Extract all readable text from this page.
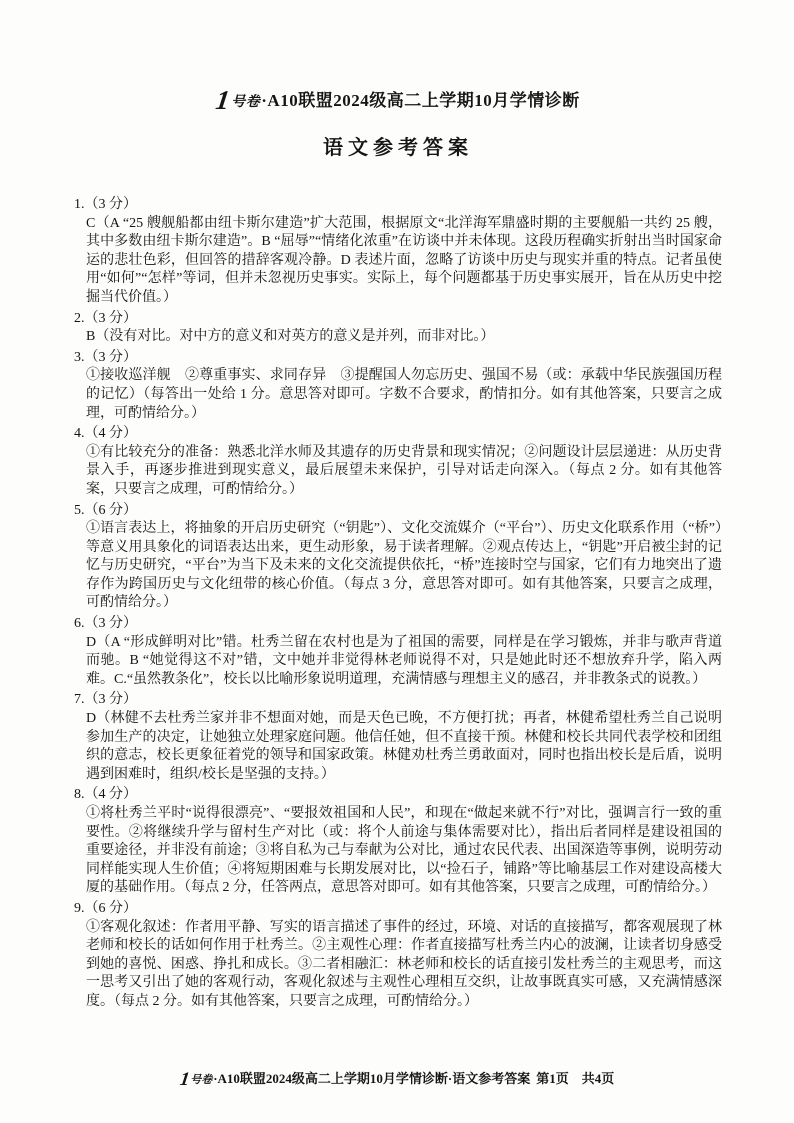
1号卷·A10联盟2024级高二上学期10月学情诊断
语文参考答案
1.（3 分）
C（A “25 艘舰船都由纽卡斯尔建造”扩大范围，根据原文“北洋海军鼎盛时期的主要舰船一共约 25 艘，其中多数由纽卡斯尔建造”。B “屈辱”“情绪化浓重”在访谈中并未体现。这段历程确实折射出当时国家命运的悲壮色彩，但回答的措辞客观冷静。D 表述片面，忽略了访谈中历史与现实并重的特点。记者虽使用“如何”“怎样”等词，但并未忽视历史事实。实际上，每个问题都基于历史事实展开，旨在从历史中挖掘当代价值。）
2.（3 分）
B（没有对比。对中方的意义和对英方的意义是并列，而非对比。）
3.（3 分）
①接收巡洋舰　②尊重事实、求同存异　③提醒国人勿忘历史、强国不易（或：承载中华民族强国历程的记忆）（每答出一处给 1 分。意思答对即可。字数不合要求，酌情扣分。如有其他答案，只要言之成理，可酌情给分。）
4.（4 分）
①有比较充分的准备：熟悉北洋水师及其遗存的历史背景和现实情况；②问题设计层层递进：从历史背景入手，再逐步推进到现实意义，最后展望未来保护，引导对话走向深入。（每点 2 分。如有其他答案，只要言之成理，可酌情给分。）
5.（6 分）
①语言表达上，将抽象的开启历史研究（“钥匙”）、文化交流媒介（“平台”）、历史文化联系作用（“桥”）等意义用具象化的词语表达出来，更生动形象，易于读者理解。②观点传达上，“钥匙”开启被尘封的记忆与历史研究，“平台”为当下及未来的文化交流提供依托，“桥”连接时空与国家，它们有力地突出了遗存作为跨国历史与文化纽带的核心价值。（每点 3 分，意思答对即可。如有其他答案，只要言之成理，可酌情给分。）
6.（3 分）
D（A “形成鲜明对比”错。杜秀兰留在农村也是为了祖国的需要，同样是在学习锻炼，并非与歌声背道而驰。B “她觉得这不对”错，文中她并非觉得林老师说得不对，只是她此时还不想放弃升学，陷入两难。C.“虽然教条化”，校长以比喻形象说明道理，充满情感与理想主义的感召，并非教条式的说教。）
7.（3 分）
D（林健不去杜秀兰家并非不想面对她，而是天色已晚，不方便打扰；再者，林健希望杜秀兰自己说明参加生产的决定，让她独立处理家庭问题。他信任她，但不直接干预。林健和校长共同代表学校和团组织的意志，校长更象征着党的领导和国家政策。林健劝杜秀兰勇敢面对，同时也指出校长是后盾，说明遇到困难时，组织/校长是坚强的支持。）
8.（4 分）
①将杜秀兰平时“说得很漂亮”、“要报效祖国和人民”，和现在“做起来就不行”对比，强调言行一致的重要性。②将继续升学与留村生产对比（或：将个人前途与集体需要对比），指出后者同样是建设祖国的重要途径，并非没有前途；③将自私为己与奉献为公对比，通过农民代表、出国深造等事例，说明劳动同样能实现人生价值；④将短期困难与长期发展对比，以“捡石子，铺路”等比喻基层工作对建设高楼大厦的基础作用。（每点 2 分，任答两点，意思答对即可。如有其他答案，只要言之成理，可酌情给分。）
9.（6 分）
①客观化叙述：作者用平静、写实的语言描述了事件的经过，环境、对话的直接描写，都客观展现了林老师和校长的话如何作用于杜秀兰。②主观性心理：作者直接描写杜秀兰内心的波澜，让读者切身感受到她的喜悦、困惑、挣扎和成长。③二者相融汇：林老师和校长的话直接引发杜秀兰的主观思考，而这一思考又引出了她的客观行动，客观化叙述与主观性心理相互交织，让故事既真实可感，又充满情感深度。（每点 2 分。如有其他答案，只要言之成理，可酌情给分。）
1号卷·A10联盟2024级高二上学期10月学情诊断·语文参考答案 第1页　共4页
